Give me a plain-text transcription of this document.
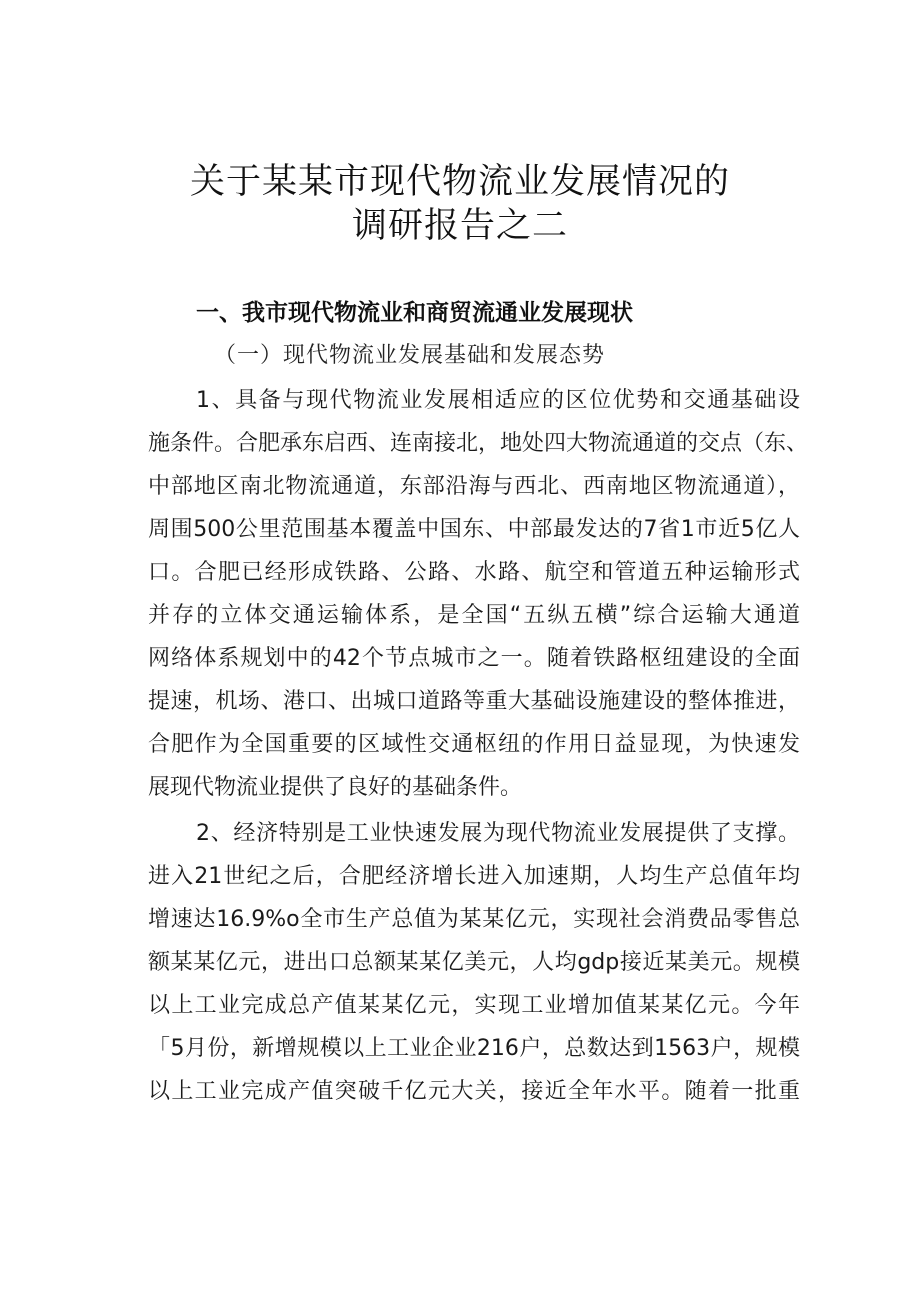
关于某某市现代物流业发展情况的
调研报告之二
一、我市现代物流业和商贸流通业发展现状
（一）现代物流业发展基础和发展态势
1、具备与现代物流业发展相适应的区位优势和交通基础设
施条件。合肥承东启西、连南接北，地处四大物流通道的交点（东、
中部地区南北物流通道，东部沿海与西北、西南地区物流通道），
周围500公里范围基本覆盖中国东、中部最发达的7省1市近5亿人
口。合肥已经形成铁路、公路、水路、航空和管道五种运输形式
并存的立体交通运输体系，是全国“五纵五横”综合运输大通道
网络体系规划中的42个节点城市之一。随着铁路枢纽建设的全面
提速，机场、港口、出城口道路等重大基础设施建设的整体推进，
合肥作为全国重要的区域性交通枢纽的作用日益显现，为快速发
展现代物流业提供了良好的基础条件。
2、经济特别是工业快速发展为现代物流业发展提供了支撑。
进入21世纪之后，合肥经济增长进入加速期，人均生产总值年均
增速达16.9%o全市生产总值为某某亿元，实现社会消费品零售总
额某某亿元，进出口总额某某亿美元，人均gdp接近某美元。规模
以上工业完成总产值某某亿元，实现工业增加值某某亿元。今年
「5月份，新增规模以上工业企业216户，总数达到1563户，规模
以上工业完成产值突破千亿元大关，接近全年水平。随着一批重
